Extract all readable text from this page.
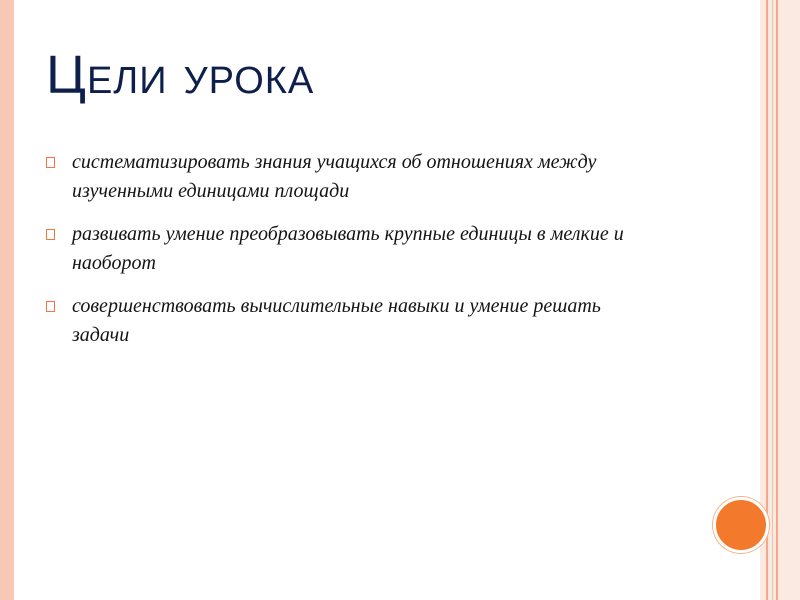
Цели урока
систематизировать знания учащихся об отношениях между изученными единицами площади
развивать умение преобразовывать крупные единицы в мелкие и наоборот
совершенствовать вычислительные навыки и умение решать задачи
